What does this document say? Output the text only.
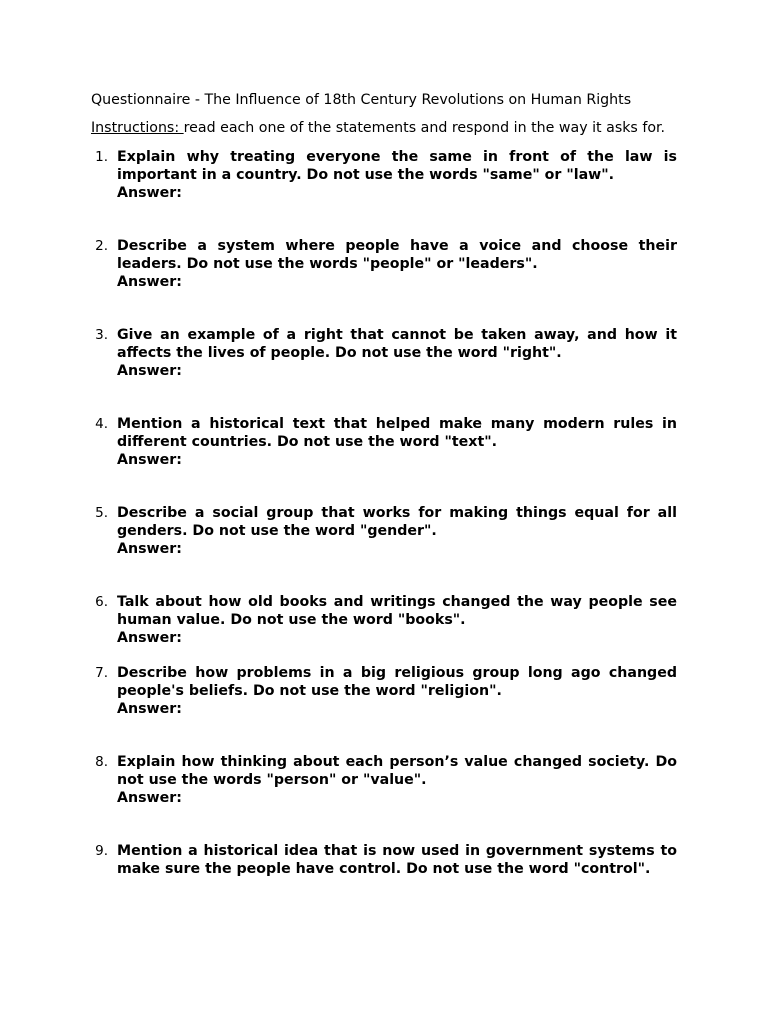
Questionnaire - The Influence of 18th Century Revolutions on Human Rights
Instructions: read each one of the statements and respond in the way it asks for.
1. Explain why treating everyone the same in front of the law is important in a country. Do not use the words "same" or "law".
Answer:
2. Describe a system where people have a voice and choose their leaders. Do not use the words "people" or "leaders".
Answer:
3. Give an example of a right that cannot be taken away, and how it affects the lives of people. Do not use the word "right".
Answer:
4. Mention a historical text that helped make many modern rules in different countries. Do not use the word "text".
Answer:
5. Describe a social group that works for making things equal for all genders. Do not use the word "gender".
Answer:
6. Talk about how old books and writings changed the way people see human value. Do not use the word "books".
Answer:
7. Describe how problems in a big religious group long ago changed people's beliefs. Do not use the word "religion".
Answer:
8. Explain how thinking about each person’s value changed society. Do not use the words "person" or "value".
Answer:
9. Mention a historical idea that is now used in government systems to make sure the people have control. Do not use the word "control".
